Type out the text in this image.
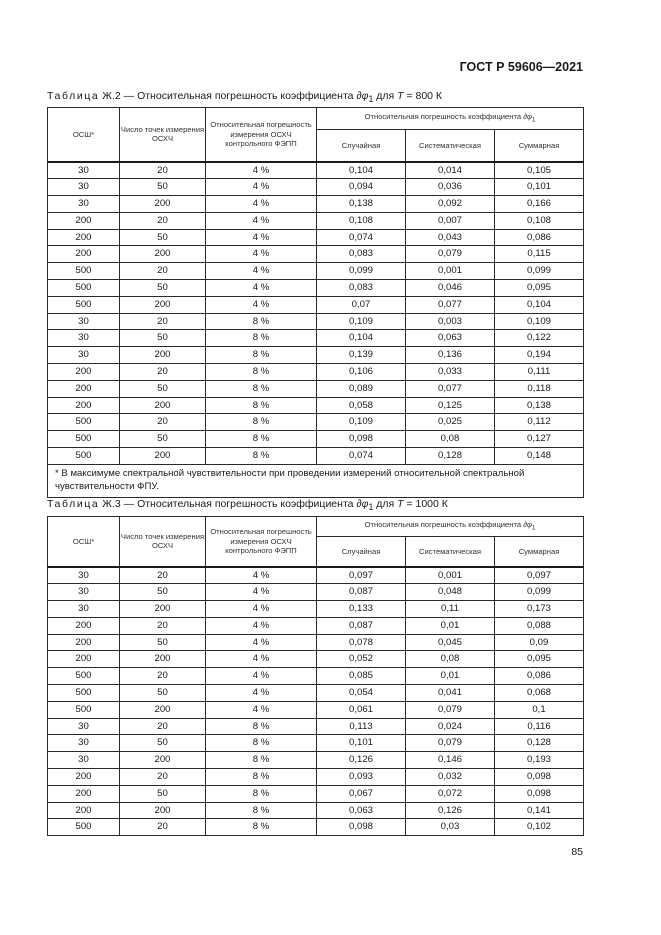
ГОСТ Р 59606—2021
Таблица Ж.2 — Относительная погрешность коэффициента $\partial\varphi_1$ для T = 800 К
ОСШ*	Число точек измерения ОСХЧ	Относительная погрешность измерения ОСХЧ контрольного ФЭПП	Относительная погрешность коэффициента $\partial\varphi_1$
			Случайная	Систематическая	Суммарная
30	20	4 %	0,104	0,014	0,105
30	50	4 %	0,094	0,036	0,101
30	200	4 %	0,138	0,092	0,166
200	20	4 %	0,108	0,007	0,108
200	50	4 %	0,074	0,043	0,086
200	200	4 %	0,083	0,079	0,115
500	20	4 %	0,099	0,001	0,099
500	50	4 %	0,083	0,046	0,095
500	200	4 %	0,07	0,077	0,104
30	20	8 %	0,109	0,003	0,109
30	50	8 %	0,104	0,063	0,122
30	200	8 %	0,139	0,136	0,194
200	20	8 %	0,106	0,033	0,111
200	50	8 %	0,089	0,077	0,118
200	200	8 %	0,058	0,125	0,138
500	20	8 %	0,109	0,025	0,112
500	50	8 %	0,098	0,08	0,127
500	200	8 %	0,074	0,128	0,148
* В максимуме спектральной чувствительности при проведении измерений относительной спектральной чувствительности ФПУ.					
Таблица Ж.3 — Относительная погрешность коэффициента $\partial\varphi_1$ для T = 1000 К
ОСШ*	Число точек измерения ОСХЧ	Относительная погрешность измерения ОСХЧ контрольного ФЭПП	Относительная погрешность коэффициента $\partial\varphi_1$
			Случайная	Систематическая	Суммарная
30	20	4 %	0,097	0,001	0,097
30	50	4 %	0,087	0,048	0,099
30	200	4 %	0,133	0,11	0,173
200	20	4 %	0,087	0,01	0,088
200	50	4 %	0,078	0,045	0,09
200	200	4 %	0,052	0,08	0,095
500	20	4 %	0,085	0,01	0,086
500	50	4 %	0,054	0,041	0,068
500	200	4 %	0,061	0,079	0,1
30	20	8 %	0,113	0,024	0,116
30	50	8 %	0,101	0,079	0,128
30	200	8 %	0,126	0,146	0,193
200	20	8 %	0,093	0,032	0,098
200	50	8 %	0,067	0,072	0,098
200	200	8 %	0,063	0,126	0,141
500	20	8 %	0,098	0,03	0,102
85
